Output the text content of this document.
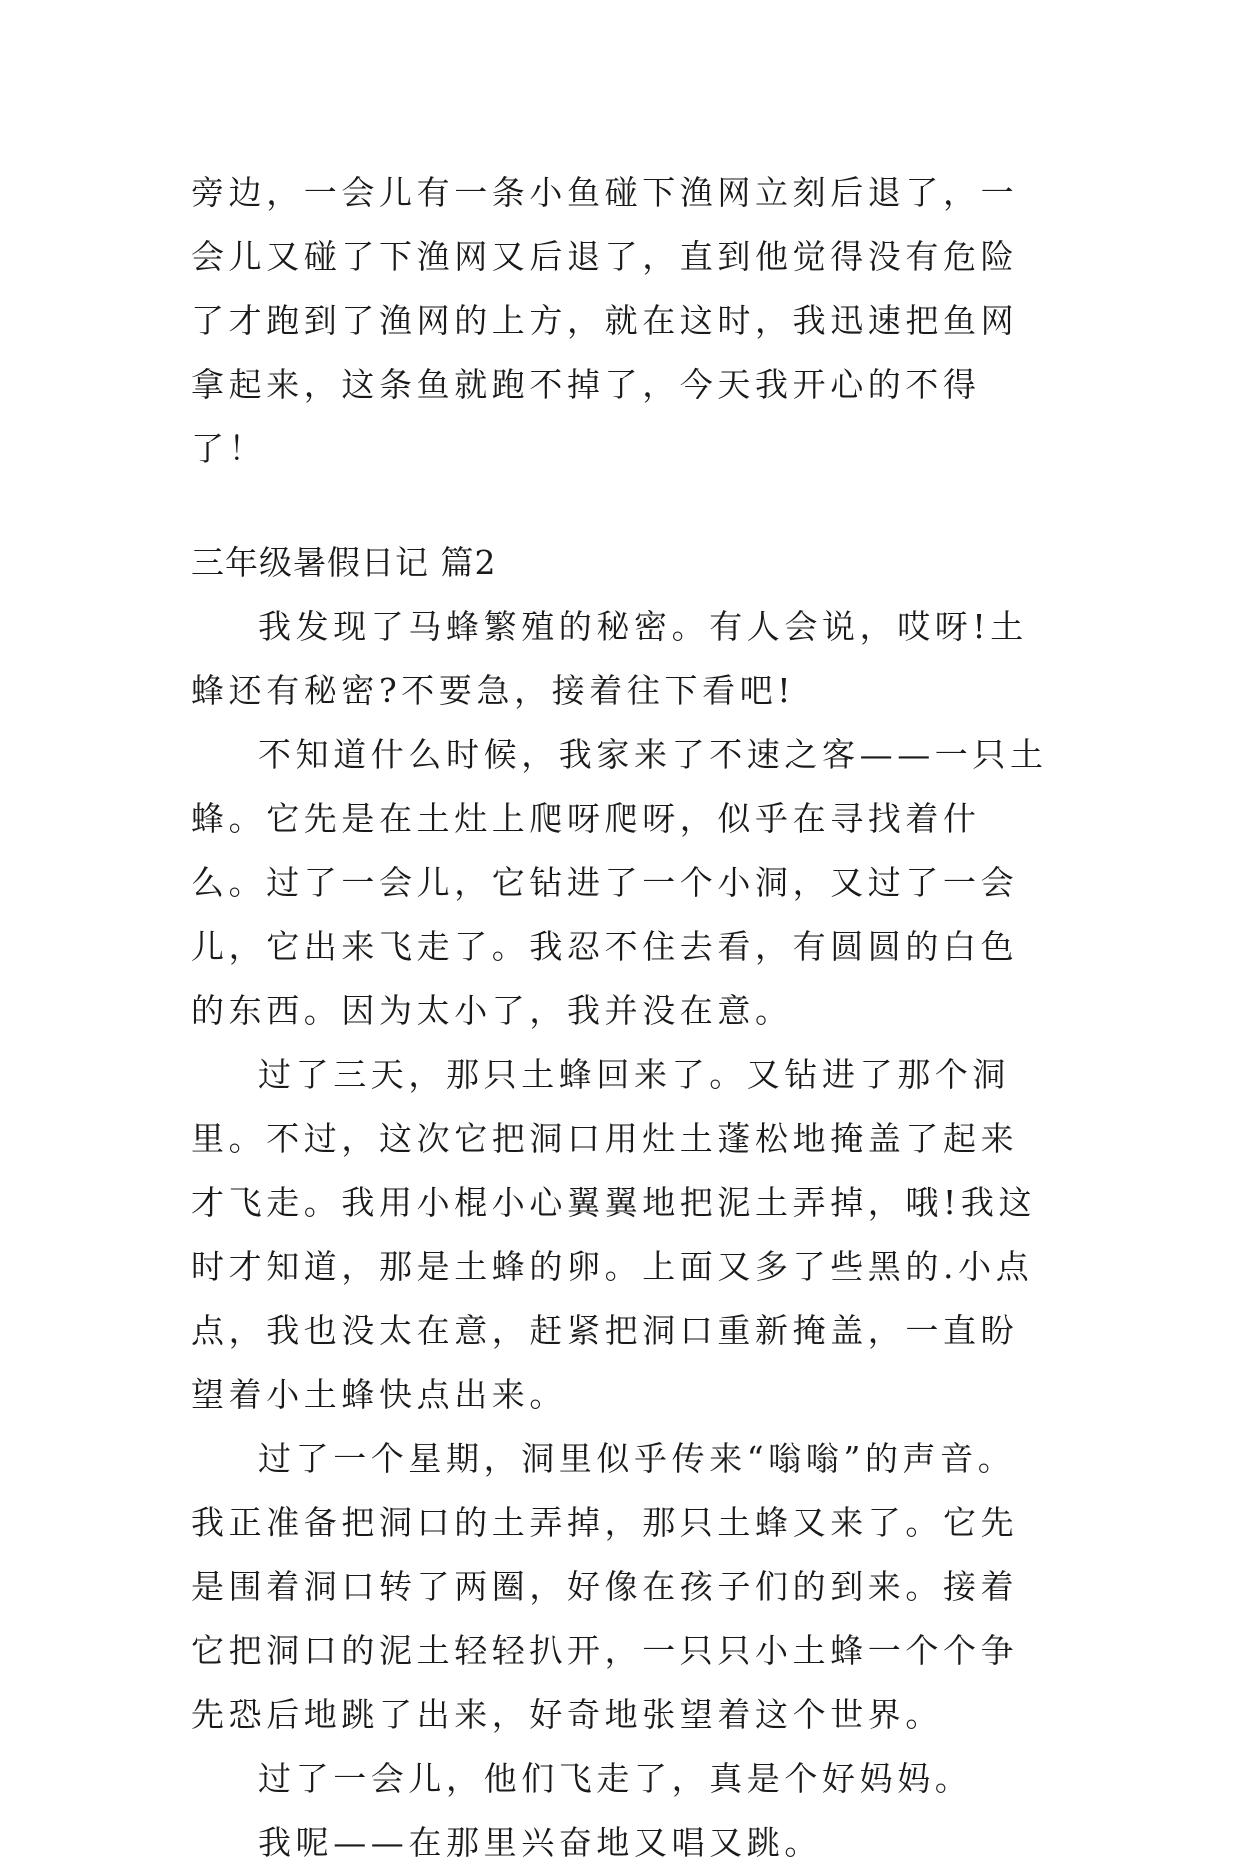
旁边，一会儿有一条小鱼碰下渔网立刻后退了，一会儿又碰了下渔网又后退了，直到他觉得没有危险了才跑到了渔网的上方，就在这时，我迅速把鱼网拿起来，这条鱼就跑不掉了，今天我开心的不得了！

三年级暑假日记 篇2

我发现了马蜂繁殖的秘密。有人会说，哎呀!土蜂还有秘密?不要急，接着往下看吧!

不知道什么时候，我家来了不速之客——一只土蜂。它先是在土灶上爬呀爬呀，似乎在寻找着什么。过了一会儿，它钻进了一个小洞，又过了一会儿，它出来飞走了。我忍不住去看，有圆圆的白色的东西。因为太小了，我并没在意。

过了三天，那只土蜂回来了。又钻进了那个洞里。不过，这次它把洞口用灶土蓬松地掩盖了起来才飞走。我用小棍小心翼翼地把泥土弄掉，哦!我这时才知道，那是土蜂的卵。上面又多了些黑的.小点点，我也没太在意，赶紧把洞口重新掩盖，一直盼望着小土蜂快点出来。

过了一个星期，洞里似乎传来“嗡嗡”的声音。我正准备把洞口的土弄掉，那只土蜂又来了。它先是围着洞口转了两圈，好像在孩子们的到来。接着它把洞口的泥土轻轻扒开，一只只小土蜂一个个争先恐后地跳了出来，好奇地张望着这个世界。

过了一会儿，他们飞走了，真是个好妈妈。

我呢——在那里兴奋地又唱又跳。
